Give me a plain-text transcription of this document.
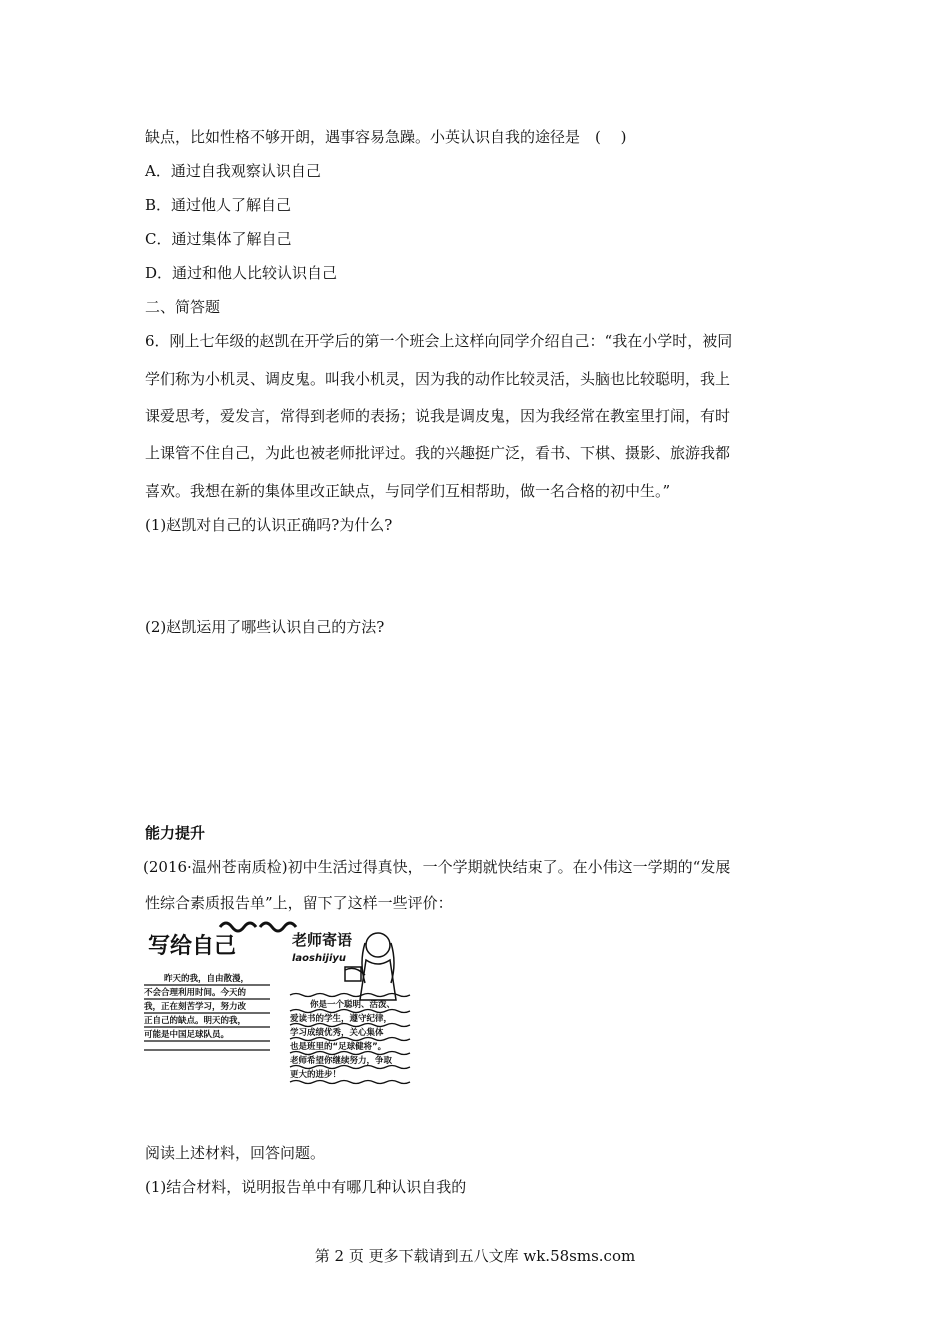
缺点，比如性格不够开朗，遇事容易急躁。小英认识自我的途径是　(　 )
A．通过自我观察认识自己
B．通过他人了解自己
C．通过集体了解自己
D．通过和他人比较认识自己
二、简答题
6．刚上七年级的赵凯在开学后的第一个班会上这样向同学介绍自己：“我在小学时，被同
学们称为小机灵、调皮鬼。叫我小机灵，因为我的动作比较灵活，头脑也比较聪明，我上
课爱思考，爱发言，常得到老师的表扬；说我是调皮鬼，因为我经常在教室里打闹，有时
上课管不住自己，为此也被老师批评过。我的兴趣挺广泛，看书、下棋、摄影、旅游我都
喜欢。我想在新的集体里改正缺点，与同学们互相帮助，做一名合格的初中生。”
(1)赵凯对自己的认识正确吗?为什么?
(2)赵凯运用了哪些认识自己的方法?
能力提升
(2016·温州苍南质检)初中生活过得真快，一个学期就快结束了。在小伟这一学期的“发展
性综合素质报告单”上，留下了这样一些评价：
写给自己
昨天的我，自由散漫，
不会合理利用时间。今天的
我，正在刻苦学习，努力改
正自己的缺点。明天的我，
可能是中国足球队员。
老师寄语
laoshijiyu
你是一个聪明、活泼、
爱读书的学生，遵守纪律，
学习成绩优秀，关心集体
也是班里的“足球健将”。
老师希望你继续努力，争取
更大的进步！
阅读上述材料，回答问题。
(1)结合材料，说明报告单中有哪几种认识自我的
第 2 页 更多下载请到五八文库 wk.58sms.com
